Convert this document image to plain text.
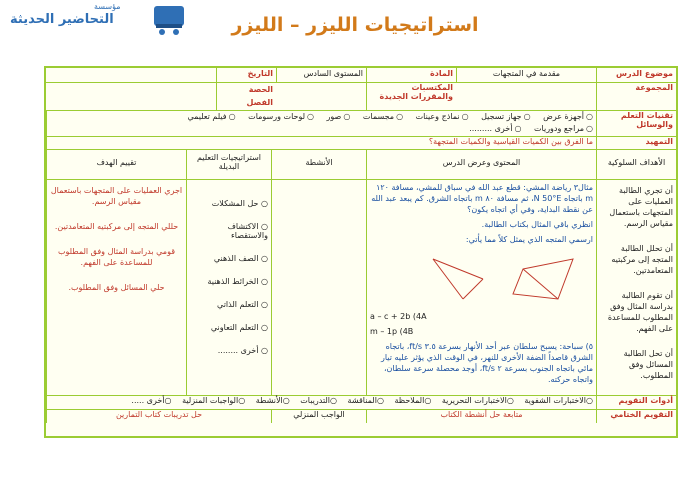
مؤسسة
التحاضير الحديثة	استراتيجيات الليزر – الليزر
موضوع الدرس
مقدمة في المتجهات
المادة
المستوى السادس
التاريخ
المجموعة
المكتسبات والمقررات الجديدة
الحصة
الفصل
تقنيات التعلم والوسائل
○ أجهزة عرض ○ جهاز تسجيل ○ نماذج وعينات ○ مجسمات ○ صور ○ لوحات ورسومات ○ فيلم تعليمي
○ مراجع ودوريات ○ أخرى .........
التمهيد
ما الفرق بين الكميات القياسية والكميات المتجهة؟
الأهداف السلوكية
المحتوى وعرض الدرس
الأنشطة
استراتيجيات التعليم البديلة
تقييم الهدف
أن تجري الطالبة العمليات على المتجهات باستعمال مقياس الرسم.
أن تحلل الطالبة المتجه إلى مركبتيه المتعامدتين.
أن تقوم الطالبة بدراسة المثال وفق المطلوب للمساعدة على الفهم.
أن تحل الطالبة المسائل وفق المطلوب.

مثال٣ رياضة المشي: قطع عبد الله في سباق للمشي، مسافة ١٢٠ m باتجاه N 50°E، ثم مسافة ٨٠ m باتجاه الشرق. كم يبعد عبد الله عن نقطة البداية، وفي أي اتجاه يكون؟

انظري باقي المثال بكتاب الطالبة.

ارسمي المتجه الذي يمثل كلاً مما يأتي:

a – c + 2b (4A

m – 1p (4B

٥) سباحة: يسبح سلطان عبر أحد الأنهار بسرعة ٣.٥ ft/s، باتجاه الشرق قاصداً الضفة الأخرى للنهر، في الوقت الذي يؤثر عليه تيار مائي باتجاه الجنوب بسرعة ٢ ft/s، أوجد محصلة سرعة سلطان، واتجاه حركته.

○ حل المشكلات
○ الاكتشاف والاستقصاء
○ الصف الذهني
○ الخرائط الذهنية
○ التعلم الذاتي
○ التعلم التعاوني
○ أخرى ........
اجري العمليات على المتجهات باستعمال مقياس الرسم.
حللي المتجه إلى مركبتيه المتعامدتين.
قومي بدراسة المثال وفق المطلوب للمساعدة على الفهم.
حلي المسائل وفق المطلوب.
أدوات التقويم
○ الاختبارات الشفوية ○ الاختبارات التحريرية ○ الملاحظة ○ المناقشة ○ التدريبات ○ الأنشطة ○ الواجبات المنزلية ○ أخرى .....
التقويم الختامي
متابعة حل أنشطة الكتاب
الواجب المنزلي
حل تدريبات كتاب التمارين
